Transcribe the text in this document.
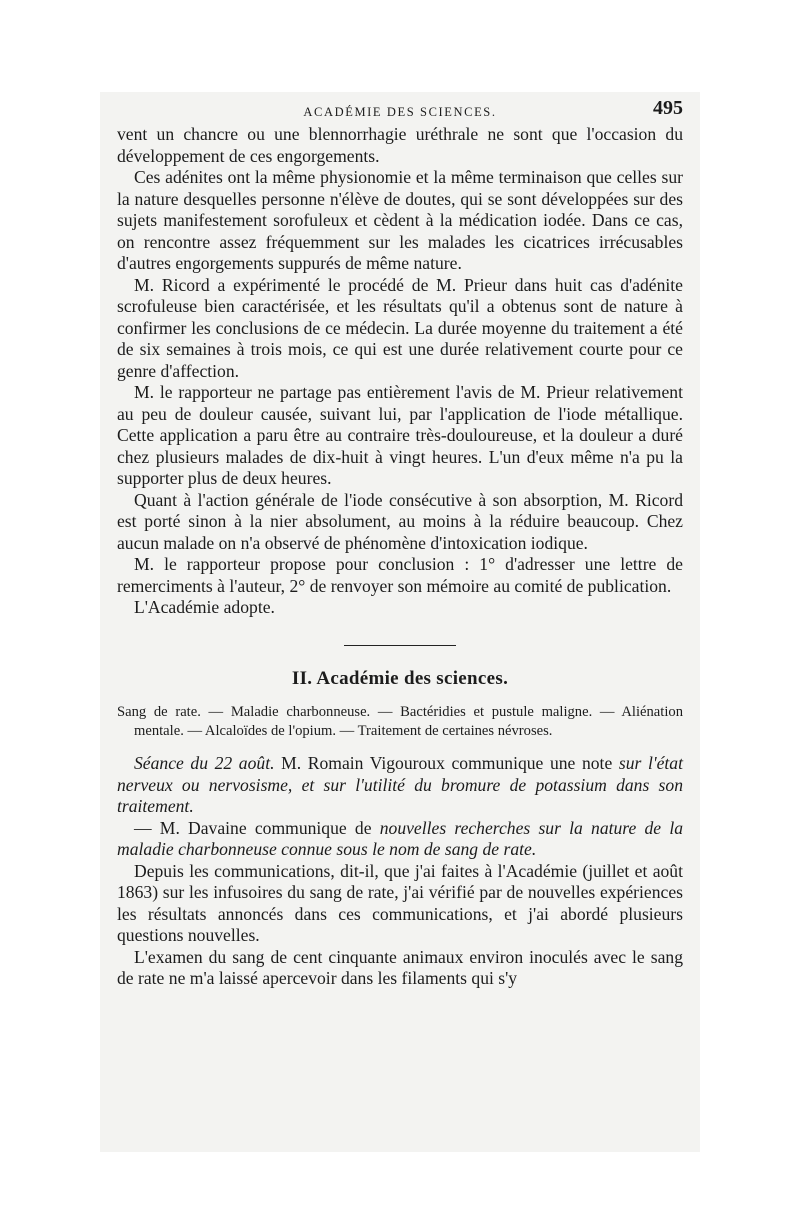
ACADÉMIE DES SCIENCES.	495

vent un chancre ou une blennorrhagie uréthrale ne sont que l'occasion du développement de ces engorgements.

Ces adénites ont la même physionomie et la même terminaison que celles sur la nature desquelles personne n'élève de doutes, qui se sont développées sur des sujets manifestement sorofuleux et cèdent à la médication iodée. Dans ce cas, on rencontre assez fréquemment sur les malades les cicatrices irrécusables d'autres engorgements suppurés de même nature.

M. Ricord a expérimenté le procédé de M. Prieur dans huit cas d'adénite scrofuleuse bien caractérisée, et les résultats qu'il a obtenus sont de nature à confirmer les conclusions de ce médecin. La durée moyenne du traitement a été de six semaines à trois mois, ce qui est une durée relativement courte pour ce genre d'affection.

M. le rapporteur ne partage pas entièrement l'avis de M. Prieur relativement au peu de douleur causée, suivant lui, par l'application de l'iode métallique. Cette application a paru être au contraire très-douloureuse, et la douleur a duré chez plusieurs malades de dix-huit à vingt heures. L'un d'eux même n'a pu la supporter plus de deux heures.

Quant à l'action générale de l'iode consécutive à son absorption, M. Ricord est porté sinon à la nier absolument, au moins à la réduire beaucoup. Chez aucun malade on n'a observé de phénomène d'intoxication iodique.

M. le rapporteur propose pour conclusion : 1° d'adresser une lettre de remerciments à l'auteur, 2° de renvoyer son mémoire au comité de publication.

L'Académie adopte.

II. Académie des sciences.

Sang de rate. — Maladie charbonneuse. — Bactéridies et pustule maligne. — Aliénation mentale. — Alcaloïdes de l'opium. — Traitement de certaines névroses.

Séance du 22 août. M. Romain Vigouroux communique une note sur l'état nerveux ou nervosisme, et sur l'utilité du bromure de potassium dans son traitement.

— M. Davaine communique de nouvelles recherches sur la nature de la maladie charbonneuse connue sous le nom de sang de rate.

Depuis les communications, dit-il, que j'ai faites à l'Académie (juillet et août 1863) sur les infusoires du sang de rate, j'ai vérifié par de nouvelles expériences les résultats annoncés dans ces communications, et j'ai abordé plusieurs questions nouvelles.

L'examen du sang de cent cinquante animaux environ inoculés avec le sang de rate ne m'a laissé apercevoir dans les filaments qui s'y
